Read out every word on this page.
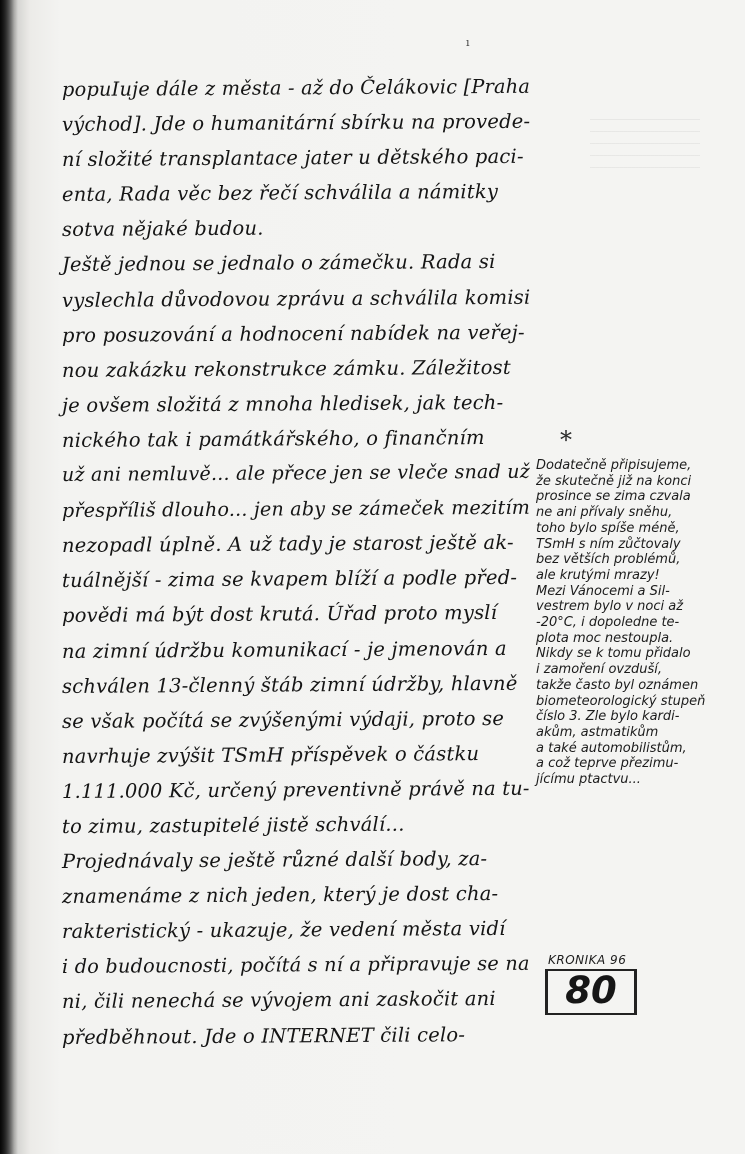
ı
popuIuje dále z města - až do Čelákovic [Praha
východ]. Jde o humanitární sbírku na provede-
ní složité transplantace jater u dětského paci-
enta, Rada věc bez řečí schválila a námitky
sotva nějaké budou.
Ještě jednou se jednalo o zámečku. Rada si
vyslechla důvodovou zprávu a schválila komisi
pro posuzování a hodnocení nabídek na veřej-
nou zakázku rekonstrukce zámku. Záležitost
je ovšem složitá z mnoha hledisek, jak tech-
nického tak i památkářského, o finančním
už ani nemluvě... ale přece jen se vleče snad už
přespříliš dlouho... jen aby se zámeček mezitím
nezopadl úplně. A už tady je starost ještě ak-
tuálnější - zima se kvapem blíží a podle před-
povědi má být dost krutá. Úřad proto myslí
na zimní údržbu komunikací - je jmenován a
schválen 13-členný štáb zimní údržby, hlavně
se však počítá se zvýšenými výdaji, proto se
navrhuje zvýšit TSmH příspěvek o částku
1.111.000 Kč, určený preventivně právě na tu-
to zimu, zastupitelé jistě schválí...
Projednávaly se ještě různé další body, za-
znamenáme z nich jeden, který je dost cha-
rakteristický - ukazuje, že vedení města vidí
i do budoucnosti, počítá s ní a připravuje se na
ni, čili nenechá se vývojem ani zaskočit ani
předběhnout. Jde o INTERNET čili celo-
*
Dodatečně připisujeme,
že skutečně již na konci
prosince se zima czvala
ne ani přívaly sněhu,
toho bylo spíše méně,
TSmH s ním zůčtovaly
bez větších problémů,
ale krutými mrazy!
Mezi Vánocemi a Sil-
vestrem bylo v noci až
-20°C, i dopoledne te-
plota moc nestoupla.
Nikdy se k tomu přidalo
i zamoření ovzduší,
takže často byl oznámen
biometeorologický stupeň
číslo 3. Zle bylo kardi-
akům, astmatikům
a také automobilistům,
a což teprve přezimu-
jícímu ptactvu...
KRONIKA 96
80
